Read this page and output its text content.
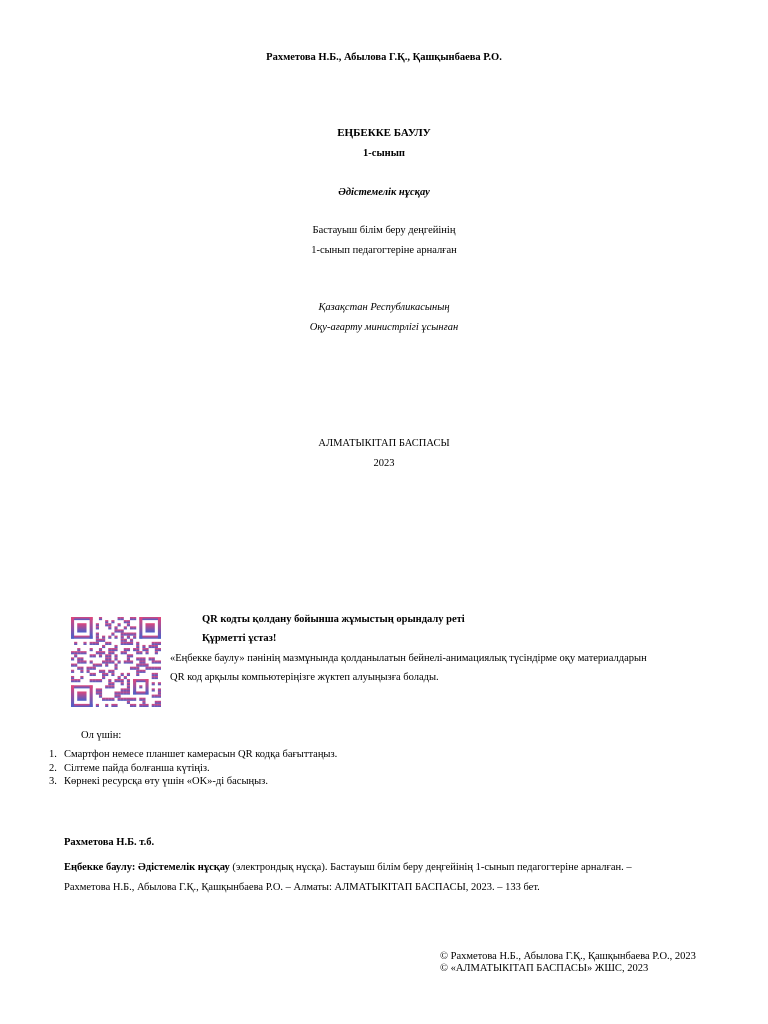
Рахметова Н.Б., Абылова Г.Қ., Қашқынбаева Р.О.
ЕҢБЕККЕ БАУЛУ
1-сынып
Әдістемелік нұсқау
Бастауыш білім беру деңгейінің
1-сынып педагогтеріне арналған
Қазақстан Республикасының
Оқу-ағарту министрлігі ұсынған
АЛМАТЫКІТАП БАСПАСЫ
2023
QR кодты қолдану бойынша жұмыстың орындалу реті
Құрметті ұстаз!
«Еңбекке баулу» пәнінің мазмұнында қолданылатын бейнелі-анимациялық түсіндірме оқу материалдарын
QR код арқылы компьютеріңізге жүктеп алуыңызға болады.
Ол үшін:
1. Смартфон немесе планшет камерасын QR кодқа бағыттаңыз.
2. Сілтеме пайда болғанша күтіңіз.
3. Көрнекі ресурсқа өту үшін «OK»-ді басыңыз.
Рахметова Н.Б. т.б.
Еңбекке баулу: Әдістемелік нұсқау (электрондық нұсқа). Бастауыш білім беру деңгейінің 1-сынып педагогтеріне арналған. –
Рахметова Н.Б., Абылова Г.Қ., Қашқынбаева Р.О. – Алматы: АЛМАТЫКІТАП БАСПАСЫ, 2023. – 133 бет.
© Рахметова Н.Б., Абылова Г.Қ., Қашқынбаева Р.О., 2023
© «АЛМАТЫКІТАП БАСПАСЫ» ЖШС, 2023
